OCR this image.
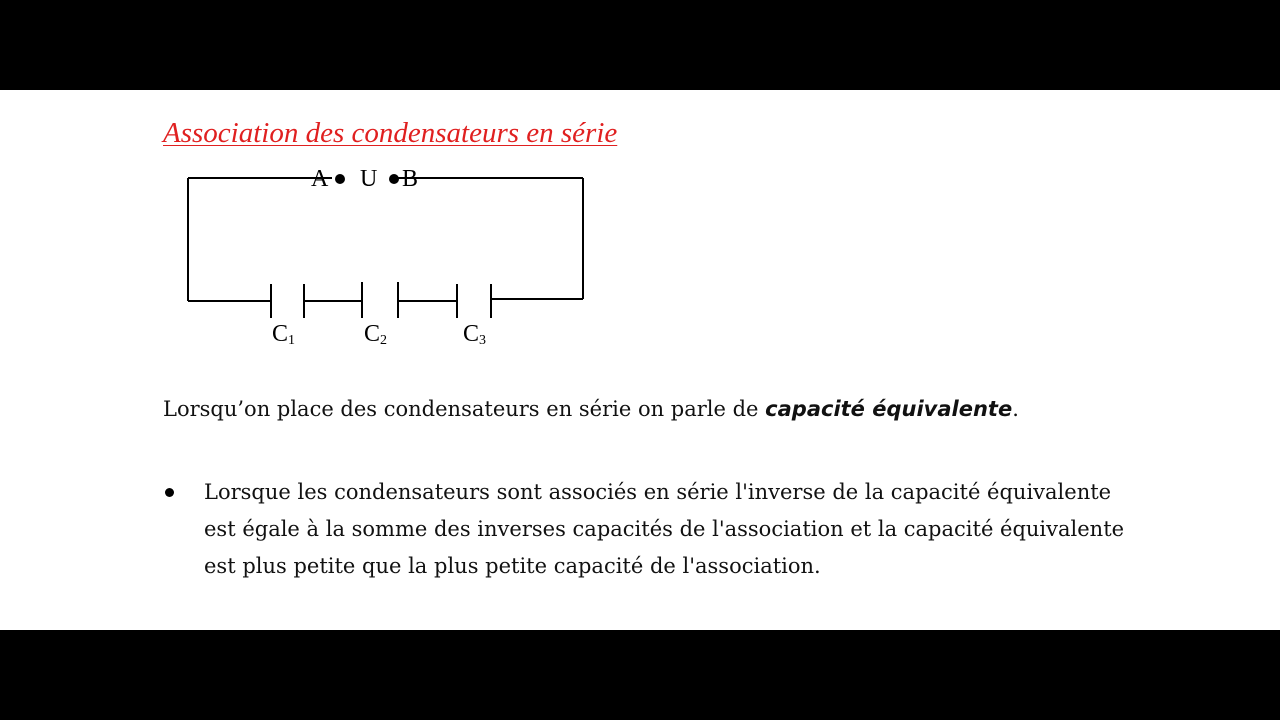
Association des condensateurs en série
A U B
C1	C2	C3

Lorsqu’on place des condensateurs en série on parle de capacité équivalente.

Lorsque les condensateurs sont associés en série l'inverse de la capacité équivalente
est égale à la somme des inverses capacités de l'association et la capacité équivalente
est plus petite que la plus petite capacité de l'association.
